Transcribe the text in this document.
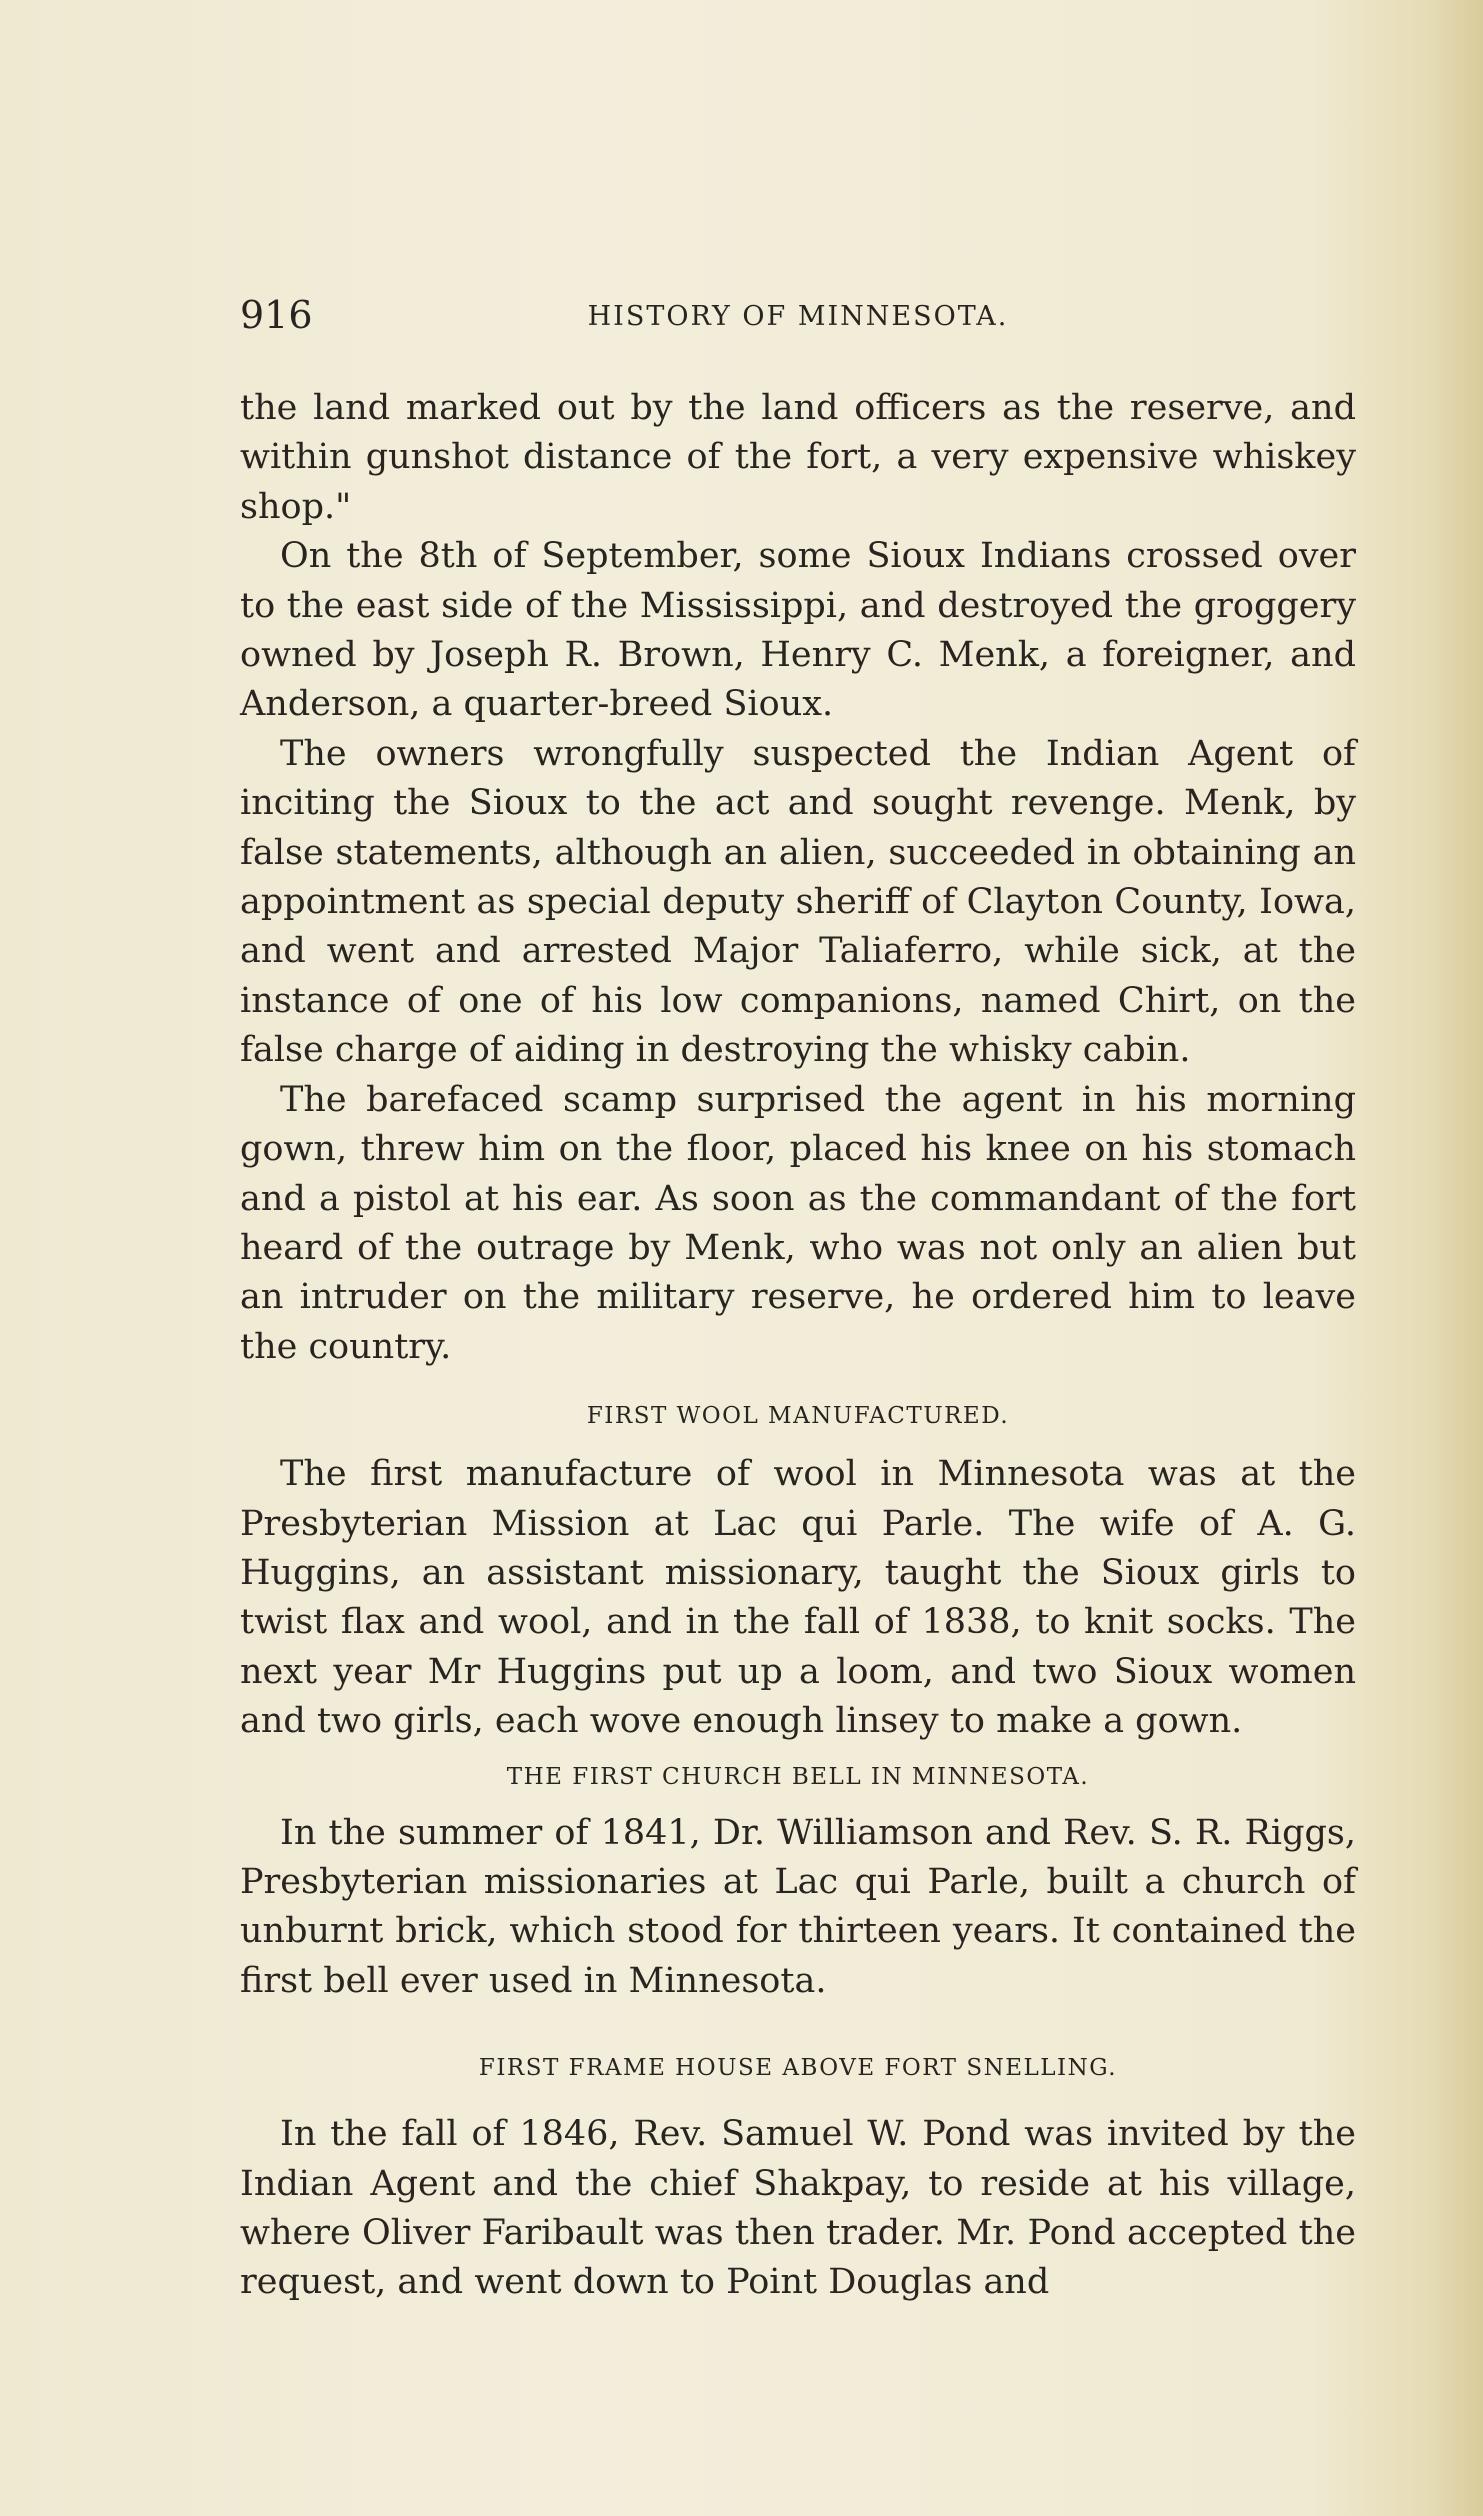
916	HISTORY OF MINNESOTA.

the land marked out by the land officers as the reserve, and within gunshot distance of the fort, a very expensive whiskey shop."

On the 8th of September, some Sioux Indians crossed over to the east side of the Mississippi, and destroyed the groggery owned by Joseph R. Brown, Henry C. Menk, a foreigner, and Anderson, a quarter-breed Sioux.

The owners wrongfully suspected the Indian Agent of inciting the Sioux to the act and sought revenge. Menk, by false statements, although an alien, succeeded in obtaining an appointment as special deputy sheriff of Clayton County, Iowa, and went and arrested Major Taliaferro, while sick, at the instance of one of his low companions, named Chirt, on the false charge of aiding in destroying the whisky cabin.

The barefaced scamp surprised the agent in his morning gown, threw him on the floor, placed his knee on his stomach and a pistol at his ear. As soon as the commandant of the fort heard of the outrage by Menk, who was not only an alien but an intruder on the military reserve, he ordered him to leave the country.

FIRST WOOL MANUFACTURED.

The first manufacture of wool in Minnesota was at the Presbyterian Mission at Lac qui Parle. The wife of A. G. Huggins, an assistant missionary, taught the Sioux girls to twist flax and wool, and in the fall of 1838, to knit socks. The next year Mr Huggins put up a loom, and two Sioux women and two girls, each wove enough linsey to make a gown.

THE FIRST CHURCH BELL IN MINNESOTA.

In the summer of 1841, Dr. Williamson and Rev. S. R. Riggs, Presbyterian missionaries at Lac qui Parle, built a church of unburnt brick, which stood for thirteen years. It contained the first bell ever used in Minnesota.

FIRST FRAME HOUSE ABOVE FORT SNELLING.

In the fall of 1846, Rev. Samuel W. Pond was invited by the Indian Agent and the chief Shakpay, to reside at his village, where Oliver Faribault was then trader. Mr. Pond accepted the request, and went down to Point Douglas and
